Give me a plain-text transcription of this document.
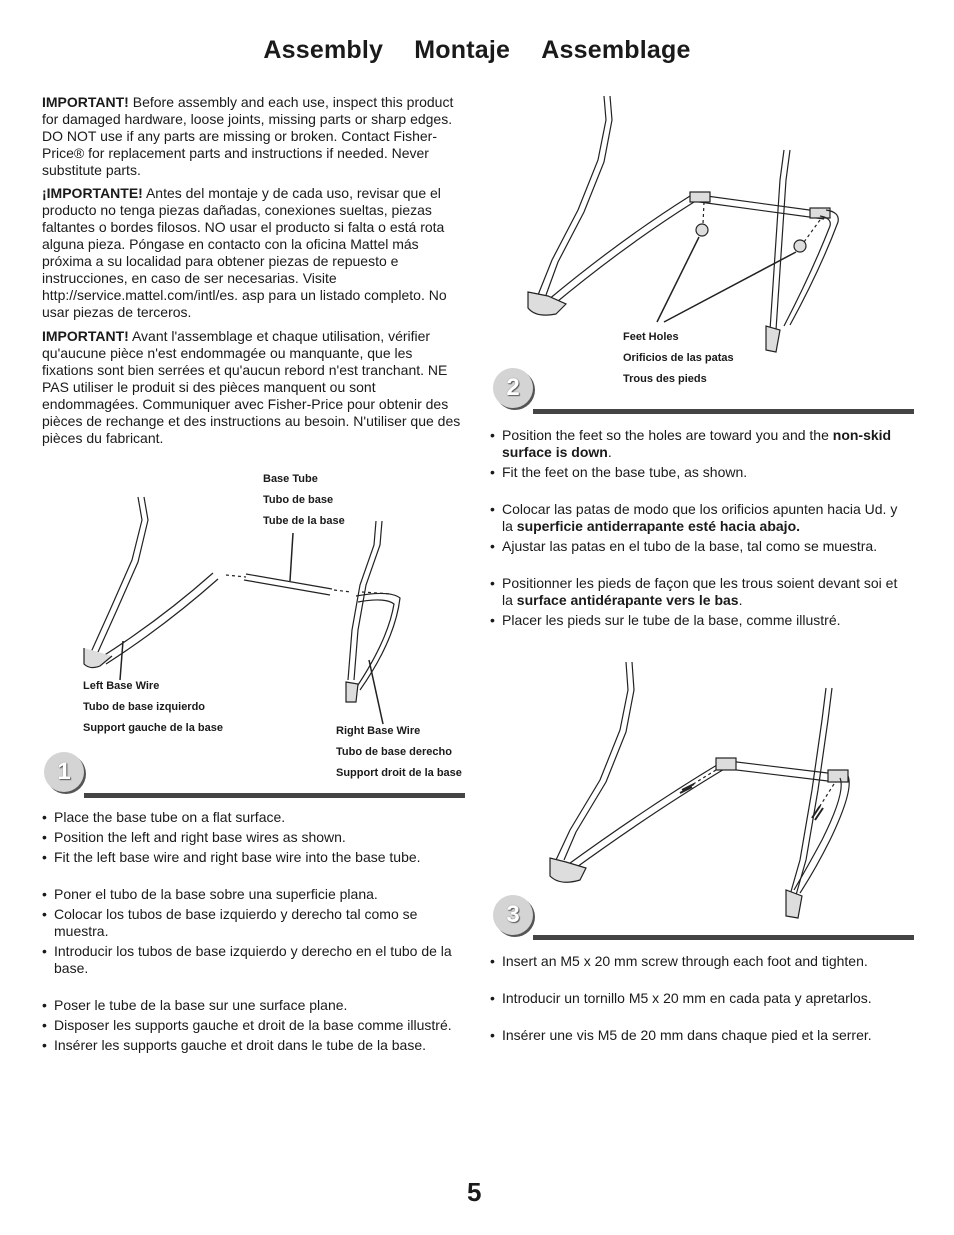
Assembly Montaje Assemblage
IMPORTANT! Before assembly and each use, inspect this product for damaged hardware, loose joints, missing parts or sharp edges. DO NOT use if any parts are missing or broken. Contact Fisher-Price® for replacement parts and instructions if needed. Never substitute parts.
¡IMPORTANTE! Antes del montaje y de cada uso, revisar que el producto no tenga piezas dañadas, conexiones sueltas, piezas faltantes o bordes filosos. NO usar el producto si falta o está rota alguna pieza. Póngase en contacto con la oficina Mattel más próxima a su localidad para obtener piezas de repuesto e instrucciones, en caso de ser necesarias. Visite http://service.mattel.com/intl/es. asp para un listado completo. No usar piezas de terceros.
IMPORTANT! Avant l'assemblage et chaque utilisation, vérifier qu'aucune pièce n'est endommagée ou manquante, que les fixations sont bien serrées et qu'aucun rebord n'est tranchant. NE PAS utiliser le produit si des pièces manquent ou sont endommagées. Communiquer avec Fisher-Price pour obtenir des pièces de rechange et des instructions au besoin. N'utiliser que des pièces du fabricant.
Base Tube
Tubo de base
Tube de la base
Left Base Wire
Tubo de base izquierdo
Support gauche de la base	Right Base Wire
Tubo de base derecho
Support droit de la base
1
• Place the base tube on a flat surface.
• Position the left and right base wires as shown.
• Fit the left base wire and right base wire into the base tube.
• Poner el tubo de la base sobre una superficie plana.
• Colocar los tubos de base izquierdo y derecho tal como se muestra.
• Introducir los tubos de base izquierdo y derecho en el tubo de la base.
• Poser le tube de la base sur une surface plane.
• Disposer les supports gauche et droit de la base comme illustré.
• Insérer les supports gauche et droit dans le tube de la base.
Feet Holes
Orificios de las patas
Trous des pieds
2
• Position the feet so the holes are toward you and the non-skid surface is down.
• Fit the feet on the base tube, as shown.
• Colocar las patas de modo que los orificios apunten hacia Ud. y la superficie antiderrapante esté hacia abajo.
• Ajustar las patas en el tubo de la base, tal como se muestra.
• Positionner les pieds de façon que les trous soient devant soi et la surface antidérapante vers le bas.
• Placer les pieds sur le tube de la base, comme illustré.
3
• Insert an M5 x 20 mm screw through each foot and tighten.
• Introducir un tornillo M5 x 20 mm en cada pata y apretarlos.
• Insérer une vis M5 de 20 mm dans chaque pied et la serrer.
5
